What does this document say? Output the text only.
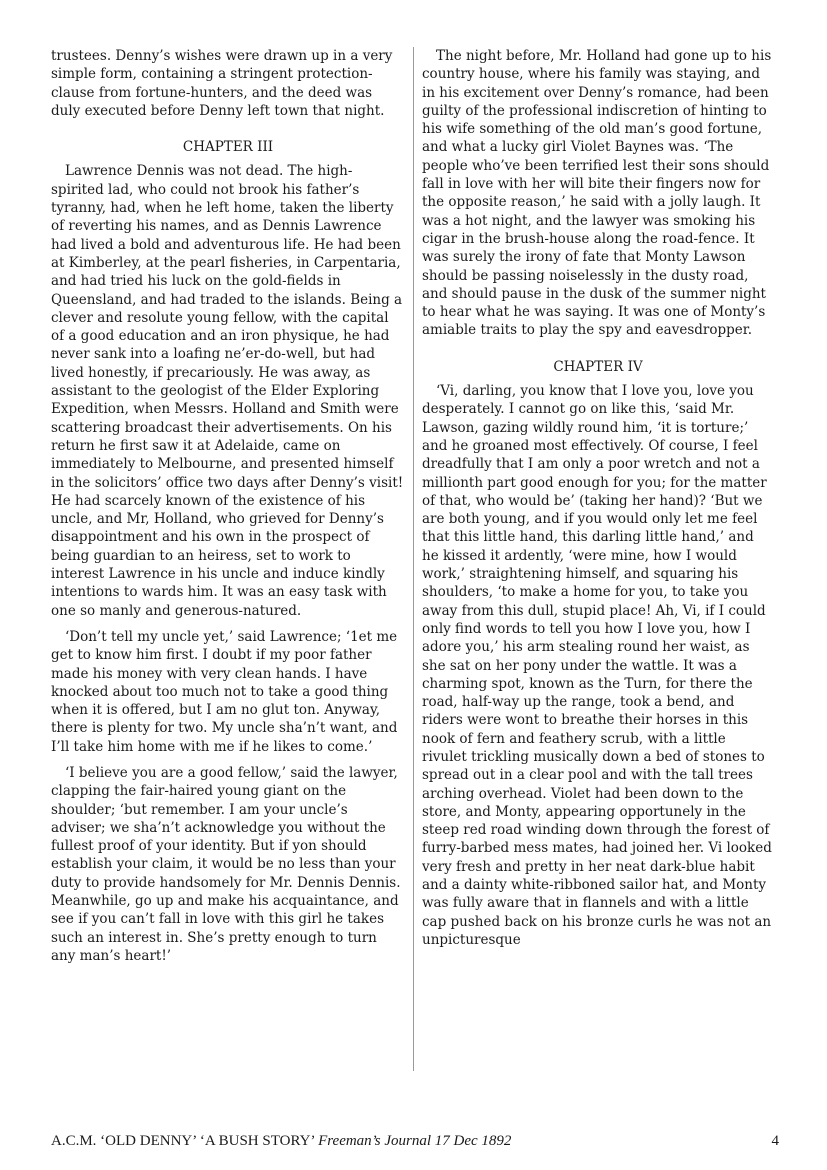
trustees. Denny’s wishes were drawn up in a very simple form, containing a stringent protection-clause from fortune-hunters, and the deed was duly executed before Denny left town that night.

CHAPTER III

Lawrence Dennis was not dead. The high-spirited lad, who could not brook his father’s tyranny, had, when he left home, taken the liberty of reverting his names, and as Dennis Lawrence had lived a bold and adventurous life. He had been at Kimberley, at the pearl fisheries, in Carpentaria, and had tried his luck on the gold-fields in Queensland, and had traded to the islands. Being a clever and resolute young fellow, with the capital of a good education and an iron physique, he had never sank into a loafing ne’er-do-well, but had lived honestly, if precariously. He was away, as assistant to the geologist of the Elder Exploring Expedition, when Messrs. Holland and Smith were scattering broadcast their advertisements. On his return he first saw it at Adelaide, came on immediately to Melbourne, and presented himself in the solicitors’ office two days after Denny’s visit! He had scarcely known of the existence of his uncle, and Mr, Holland, who grieved for Denny’s disappointment and his own in the prospect of being guardian to an heiress, set to work to interest Lawrence in his uncle and induce kindly intentions to wards him. It was an easy task with one so manly and generous-natured.

‘Don’t tell my uncle yet,’ said Lawrence; ‘1et me get to know him first. I doubt if my poor father made his money with very clean hands. I have knocked about too much not to take a good thing when it is offered, but I am no glut ton. Anyway, there is plenty for two. My uncle sha’n’t want, and I’ll take him home with me if he likes to come.’

‘I believe you are a good fellow,’ said the lawyer, clapping the fair-haired young giant on the shoulder; ‘but remember. I am your uncle’s adviser; we sha’n’t acknowledge you without the fullest proof of your identity. But if yon should establish your claim, it would be no less than your duty to provide handsomely for Mr. Dennis Dennis. Meanwhile, go up and make his acquaintance, and see if you can’t fall in love with this girl he takes such an interest in. She’s pretty enough to turn any man’s heart!’

The night before, Mr. Holland had gone up to his country house, where his family was staying, and in his excitement over Denny’s romance, had been guilty of the professional indiscretion of hinting to his wife something of the old man’s good fortune, and what a lucky girl Violet Baynes was. ‘The people who’ve been terrified lest their sons should fall in love with her will bite their fingers now for the opposite reason,’ he said with a jolly laugh. It was a hot night, and the lawyer was smoking his cigar in the brush-house along the road-fence. It was surely the irony of fate that Monty Lawson should be passing noiselessly in the dusty road, and should pause in the dusk of the summer night to hear what he was saying. It was one of Monty’s amiable traits to play the spy and eavesdropper.

CHAPTER IV

‘Vi, darling, you know that I love you, love you desperately. I cannot go on like this, ‘said Mr. Lawson, gazing wildly round him, ‘it is torture;’ and he groaned most effectively. Of course, I feel dreadfully that I am only a poor wretch and not a millionth part good enough for you; for the matter of that, who would be’ (taking her hand)? ‘But we are both young, and if you would only let me feel that this little hand, this darling little hand,’ and he kissed it ardently, ‘were mine, how I would work,’ straightening himself, and squaring his shoulders, ‘to make a home for you, to take you away from this dull, stupid place! Ah, Vi, if I could only find words to tell you how I love you, how I adore you,’ his arm stealing round her waist, as she sat on her pony under the wattle. It was a charming spot, known as the Turn, for there the road, half-way up the range, took a bend, and riders were wont to breathe their horses in this nook of fern and feathery scrub, with a little rivulet trickling musically down a bed of stones to spread out in a clear pool and with the tall trees arching overhead. Violet had been down to the store, and Monty, appearing opportunely in the steep red road winding down through the forest of furry-barbed mess mates, had joined her. Vi looked very fresh and pretty in her neat dark-blue habit and a dainty white-ribboned sailor hat, and Monty was fully aware that in flannels and with a little cap pushed back on his bronze curls he was not an unpicturesque

A.C.M. ‘OLD DENNY’ ‘A BUSH STORY’ Freeman’s Journal 17 Dec 1892	4
